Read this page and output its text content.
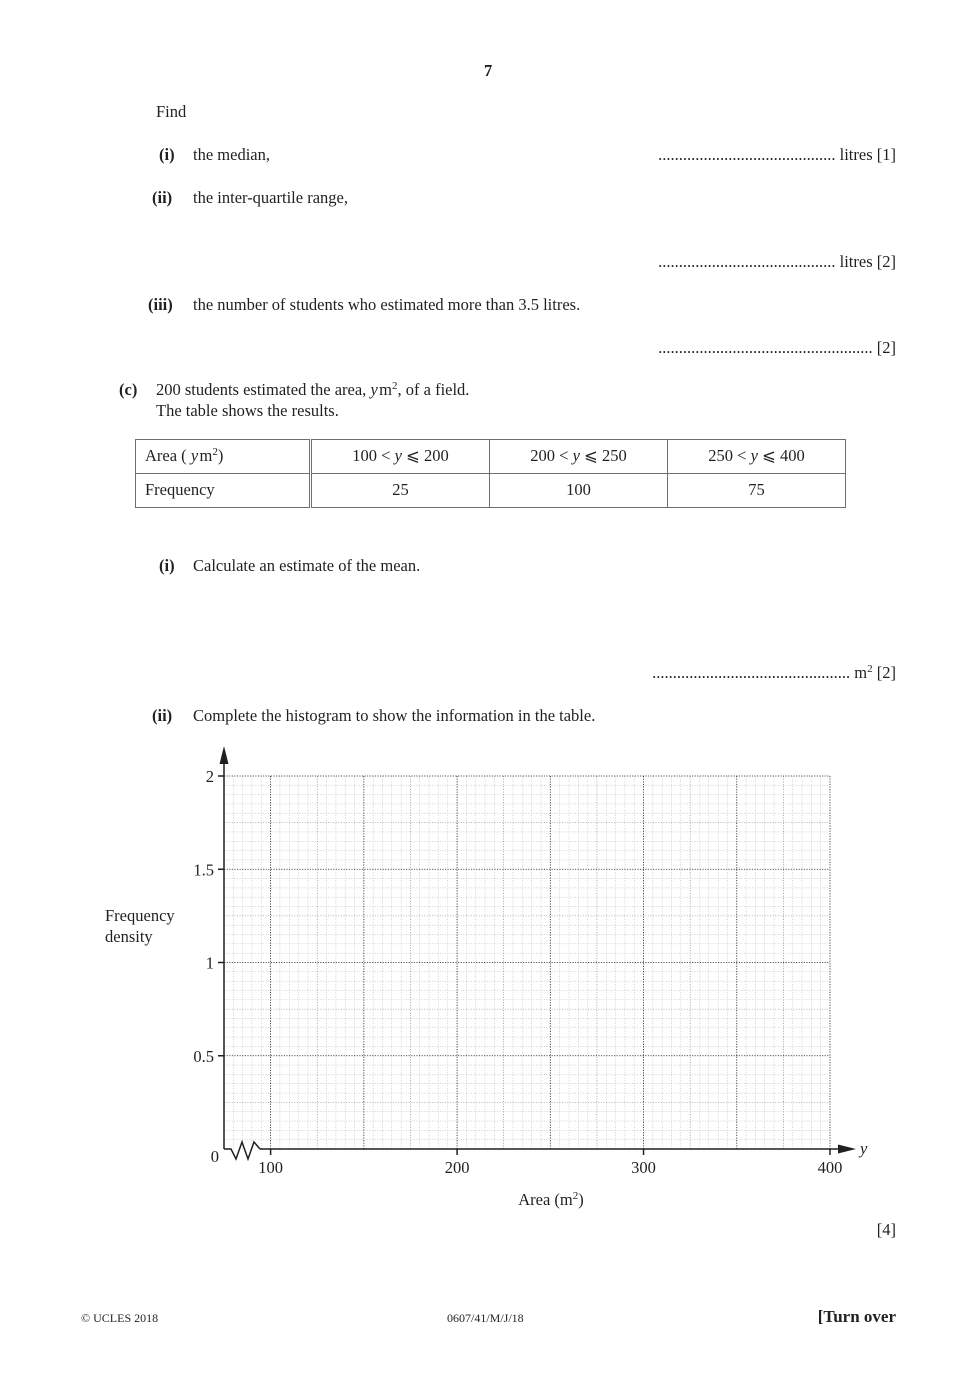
7
Find
(i) the median,	........................................... litres [1]
(ii) the inter-quartile range,
........................................... litres [2]
(iii) the number of students who estimated more than 3.5 litres.
.................................................... [2]
(c) 200 students estimated the area, y $m^2$, of a field.
The table shows the results.
Area ( y $m^2$)	100 < y ⩽ 200	200 < y ⩽ 250	250 < y ⩽ 400
Frequency	25	100	75
(i) Calculate an estimate of the mean.
................................................ $m^2$ [2]
(ii) Complete the histogram to show the information in the table.
0
0.5
1
1.5
2
100	200	300	400
Frequency
density
Area $(m^2)$
y
[4]
© UCLES 2018	0607/41/M/J/18	[Turn over
